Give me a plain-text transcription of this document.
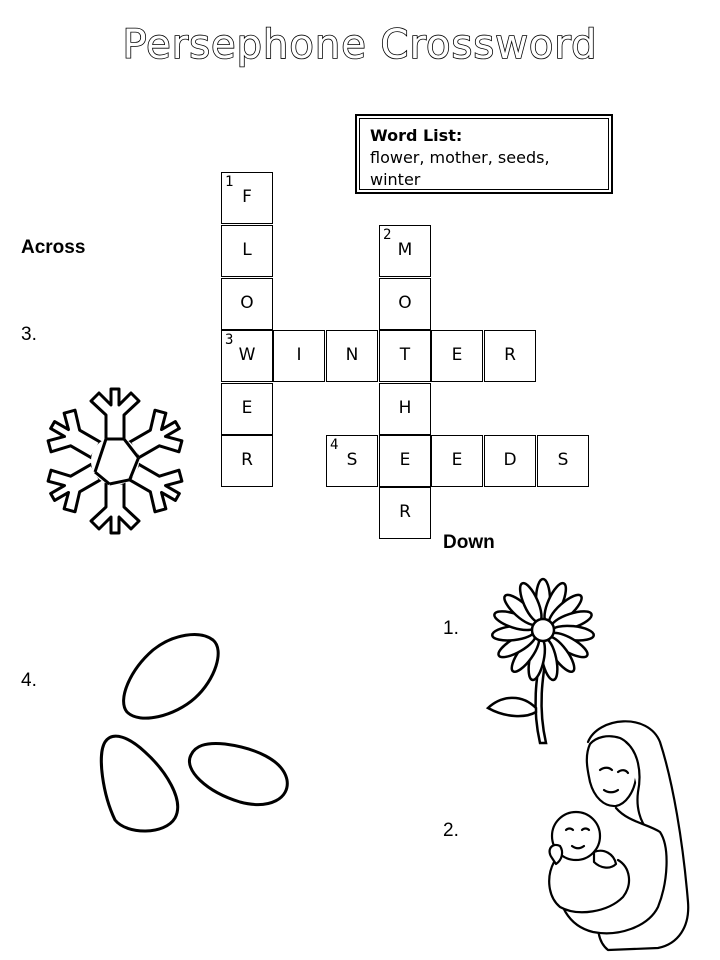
Persephone Crossword
Word List:
flower, mother, seeds,
winter
Across
3.
4.
Down
1.
2.
1
F
L
O
3
W
E
R
I	N	E	R
2
M
O
T
H
E
R
4
S	E	D	S
